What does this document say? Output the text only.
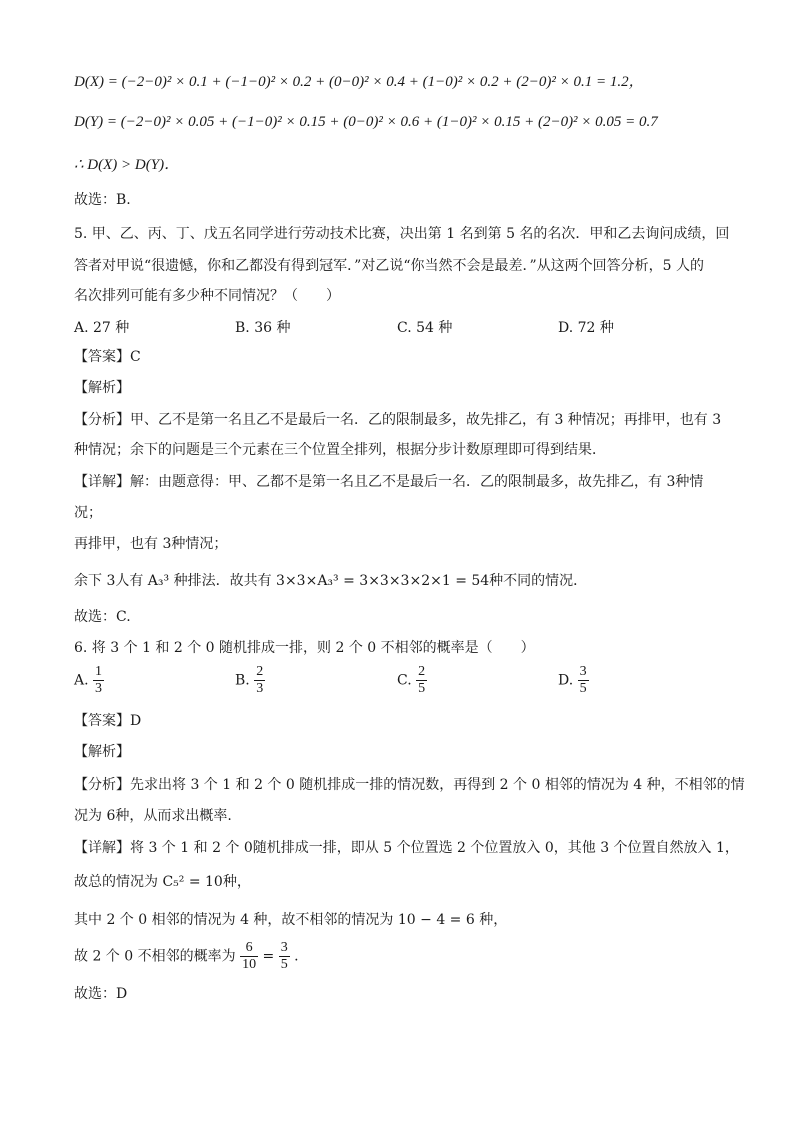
D(X) = (−2−0)² × 0.1 + (−1−0)² × 0.2 + (0−0)² × 0.4 + (1−0)² × 0.2 + (2−0)² × 0.1 = 1.2，
D(Y) = (−2−0)² × 0.05 + (−1−0)² × 0.15 + (0−0)² × 0.6 + (1−0)² × 0.15 + (2−0)² × 0.05 = 0.7
∴ D(X) > D(Y)．
故选：B.
5. 甲、乙、丙、丁、戊五名同学进行劳动技术比赛，决出第 1 名到第 5 名的名次．甲和乙去询问成绩，回
答者对甲说“很遗憾，你和乙都没有得到冠军．”对乙说“你当然不会是最差．”从这两个回答分析，5 人的
名次排列可能有多少种不同情况？（　　）
A. 27 种	B. 36 种	C. 54 种	D. 72 种
【答案】C
【解析】
【分析】甲、乙不是第一名且乙不是最后一名．乙的限制最多，故先排乙，有 3 种情况；再排甲，也有 3
种情况；余下的问题是三个元素在三个位置全排列，根据分步计数原理即可得到结果．
【详解】解：由题意得：甲、乙都不是第一名且乙不是最后一名．乙的限制最多，故先排乙，有 3种情
况；
再排甲，也有 3种情况；
余下 3人有 A₃³ 种排法．故共有 3×3×A₃³ = 3×3×3×2×1 = 54种不同的情况．
故选：C.
6. 将 3 个 1 和 2 个 0 随机排成一排，则 2 个 0 不相邻的概率是（　　）
A. $\frac{1}{3}$	B. $\frac{2}{3}$	C. $\frac{2}{5}$	D. $\frac{3}{5}$
【答案】D
【解析】
【分析】先求出将 3 个 1 和 2 个 0 随机排成一排的情况数，再得到 2 个 0 相邻的情况为 4 种，不相邻的情
况为 6种，从而求出概率.
【详解】将 3 个 1 和 2 个 0随机排成一排，即从 5 个位置选 2 个位置放入 0，其他 3 个位置自然放入 1，
故总的情况为 C₅² = 10种，
其中 2 个 0 相邻的情况为 4 种，故不相邻的情况为 10 − 4 = 6 种，
故 2 个 0 不相邻的概率为 $\frac{6}{10} = \frac{3}{5}$ .
故选：D
